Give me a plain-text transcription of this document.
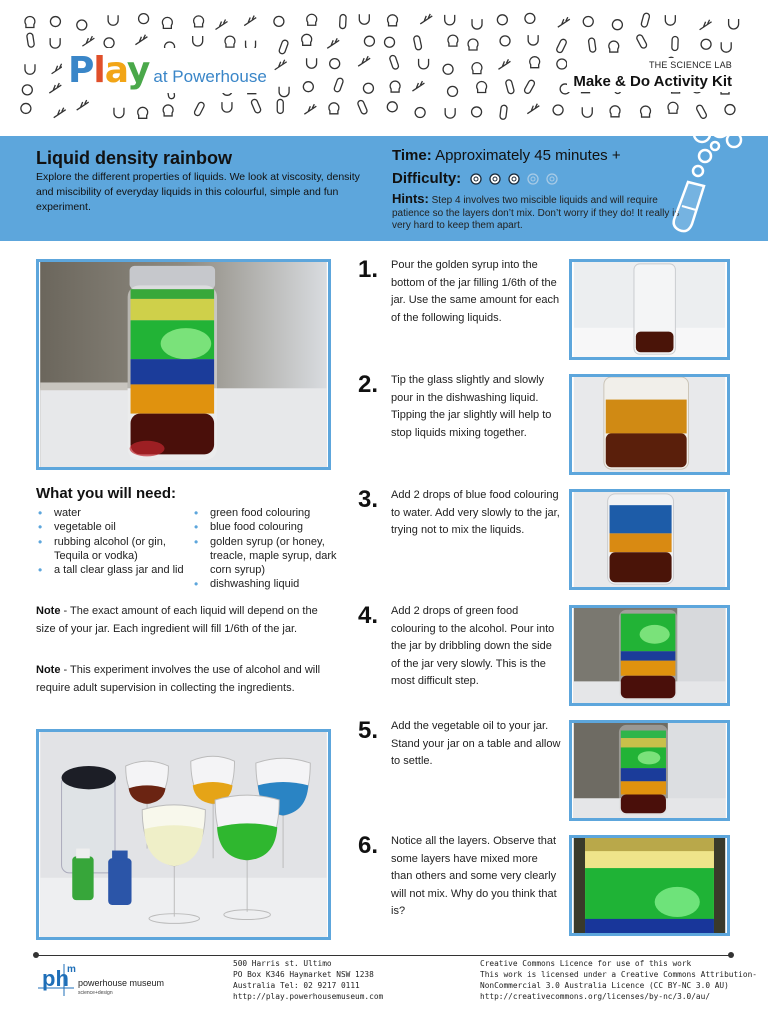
Play at Powerhouse
THE SCIENCE LAB
Make & Do Activity Kit
Liquid density rainbow
Explore the different properties of liquids. We look at viscosity, density and miscibility of everyday liquids in this colourful, simple and fun experiment.
Time: Approximately 45 minutes +
Difficulty:
Hints: Step 4 involves two miscible liquids and will require patience so the layers don’t mix. Don’t worry if they do! It really is very hard to keep them apart.
What you will need:
• water
• vegetable oil
• rubbing alcohol (or gin, Tequila or vodka)
• a tall clear glass jar and lid
• green food colouring
• blue food colouring
• golden syrup (or honey, treacle, maple syrup, dark corn syrup)
• dishwashing liquid
Note - The exact amount of each liquid will depend on the size of your jar. Each ingredient will fill 1/6th of the jar.
Note - This experiment involves the use of alcohol and will require adult supervision in collecting the ingredients.
1. Pour the golden syrup into the bottom of the jar filling 1/6th of the jar. Use the same amount for each of the following liquids.
2. Tip the glass slightly and slowly pour in the dishwashing liquid. Tipping the jar slightly will help to stop liquids mixing together.
3. Add 2 drops of blue food colouring to water. Add very slowly to the jar, trying not to mix the liquids.
4. Add 2 drops of green food colouring to the alcohol. Pour into the jar by dribbling down the side of the jar very slowly. This is the most difficult step.
5. Add the vegetable oil to your jar. Stand your jar on a table and allow to settle.
6. Notice all the layers. Observe that some layers have mixed more than others and some very clearly will not mix. Why do you think that is?
ph
m
powerhouse museum
science+design
500 Harris st. Ultimo
PO Box K346 Haymarket NSW 1238
Australia Tel: 02 9217 0111
http://play.powerhousemuseum.com
Creative Commons Licence for use of this work
This work is licensed under a Creative Commons Attribution-
NonCommercial 3.0 Australia Licence (CC BY-NC 3.0 AU)
http://creativecommons.org/licenses/by-nc/3.0/au/
